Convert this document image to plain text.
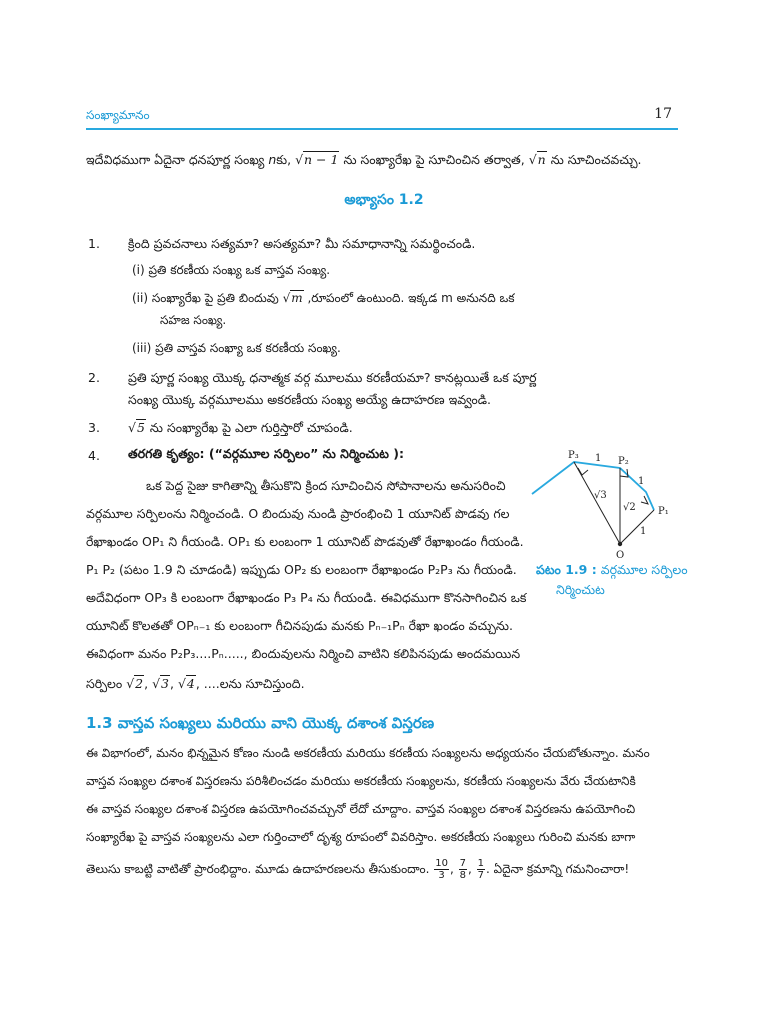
సంఖ్యామానం	17
ఇదేవిధముగా ఏదైనా ధనపూర్ణ సంఖ్య nకు, √n − 1 ను సంఖ్యారేఖ పై సూచించిన తర్వాత, √n ను సూచించవచ్చు.
అభ్యాసం 1.2
1. క్రింది ప్రవచనాలు సత్యమా? అసత్యమా? మీ సమాధానాన్ని సమర్థించండి.
(i) ప్రతి కరణీయ సంఖ్య ఒక వాస్తవ సంఖ్య.
(ii) సంఖ్యారేఖ పై ప్రతి బిందువు √m ,రూపంలో ఉంటుంది. ఇక్కడ m అనునది ఒక
సహజ సంఖ్య.
(iii) ప్రతి వాస్తవ సంఖ్యా ఒక కరణీయ సంఖ్య.
2. ప్రతి పూర్ణ సంఖ్య యొక్క ధనాత్మక వర్గ మూలము కరణీయమా? కానట్లయితే ఒక పూర్ణ
సంఖ్య యొక్క వర్గమూలము అకరణీయ సంఖ్య అయ్యే ఉదాహరణ ఇవ్వండి.
3. √5 ను సంఖ్యారేఖ పై ఎలా గుర్తిస్తారో చూపండి.
4. తరగతి కృత్యం: (“వర్గమూల సర్పిలం” ను నిర్మించుట ):
ఒక పెద్ద సైజు కాగితాన్ని తీసుకొని క్రింద సూచించిన సోపానాలను అనుసరించి
వర్గమూల సర్పిలంను నిర్మించండి. O బిందువు నుండి ప్రారంభించి 1 యూనిట్ పొడవు గల
రేఖాఖండం OP₁ ని గీయండి. OP₁ కు లంబంగా 1 యూనిట్ పొడవుతో రేఖాఖండం గీయండి.
P₁ P₂ (పటం 1.9 ని చూడండి) ఇప్పుడు OP₂ కు లంబంగా రేఖాఖండం P₂P₃ ను గీయండి.
అదేవిధంగా OP₃ కి లంబంగా రేఖాఖండం P₃ P₄ ను గీయండి. ఈవిధముగా కొనసాగించిన ఒక
యూనిట్ కొలతతో OPₙ₋₁ కు లంబంగా గీచినపుడు మనకు Pₙ₋₁Pₙ రేఖా ఖండం వచ్చును.
ఈవిధంగా మనం P₂P₃....Pₙ....., బిందువులను నిర్మించి వాటిని కలిపినపుడు అందమయిన
సర్పిలం √2, √3, √4, ....లను సూచిస్తుంది.
P₃
P₂
P₁
O
1
1
1
√3
√2
పటం 1.9 : వర్గమూల సర్పిలం
నిర్మించుట
1.3 వాస్తవ సంఖ్యలు మరియు వాని యొక్క దశాంశ విస్తరణ
ఈ విభాగంలో, మనం భిన్నమైన కోణం నుండి అకరణీయ మరియు కరణీయ సంఖ్యలను అధ్యయనం చేయబోతున్నాం. మనం
వాస్తవ సంఖ్యల దశాంశ విస్తరణను పరిశీలించడం మరియు అకరణీయ సంఖ్యలను, కరణీయ సంఖ్యలను వేరు చేయటానికి
ఈ వాస్తవ సంఖ్యల దశాంశ విస్తరణ ఉపయోగించవచ్చునో లేదో చూద్దాం. వాస్తవ సంఖ్యల దశాంశ విస్తరణను ఉపయోగించి
సంఖ్యారేఖ పై వాస్తవ సంఖ్యలను ఎలా గుర్తించాలో దృశ్య రూపంలో వివరిస్తాం. అకరణీయ సంఖ్యలు గురించి మనకు బాగా
తెలుసు కాబట్టి వాటితో ప్రారంభిద్దాం. మూడు ఉదాహరణలను తీసుకుందాం. $\frac{10}{3}$ , $\frac{7}{8}$ , $\frac{1}{7}$ . ఏదైనా క్రమాన్ని గమనించారా!
